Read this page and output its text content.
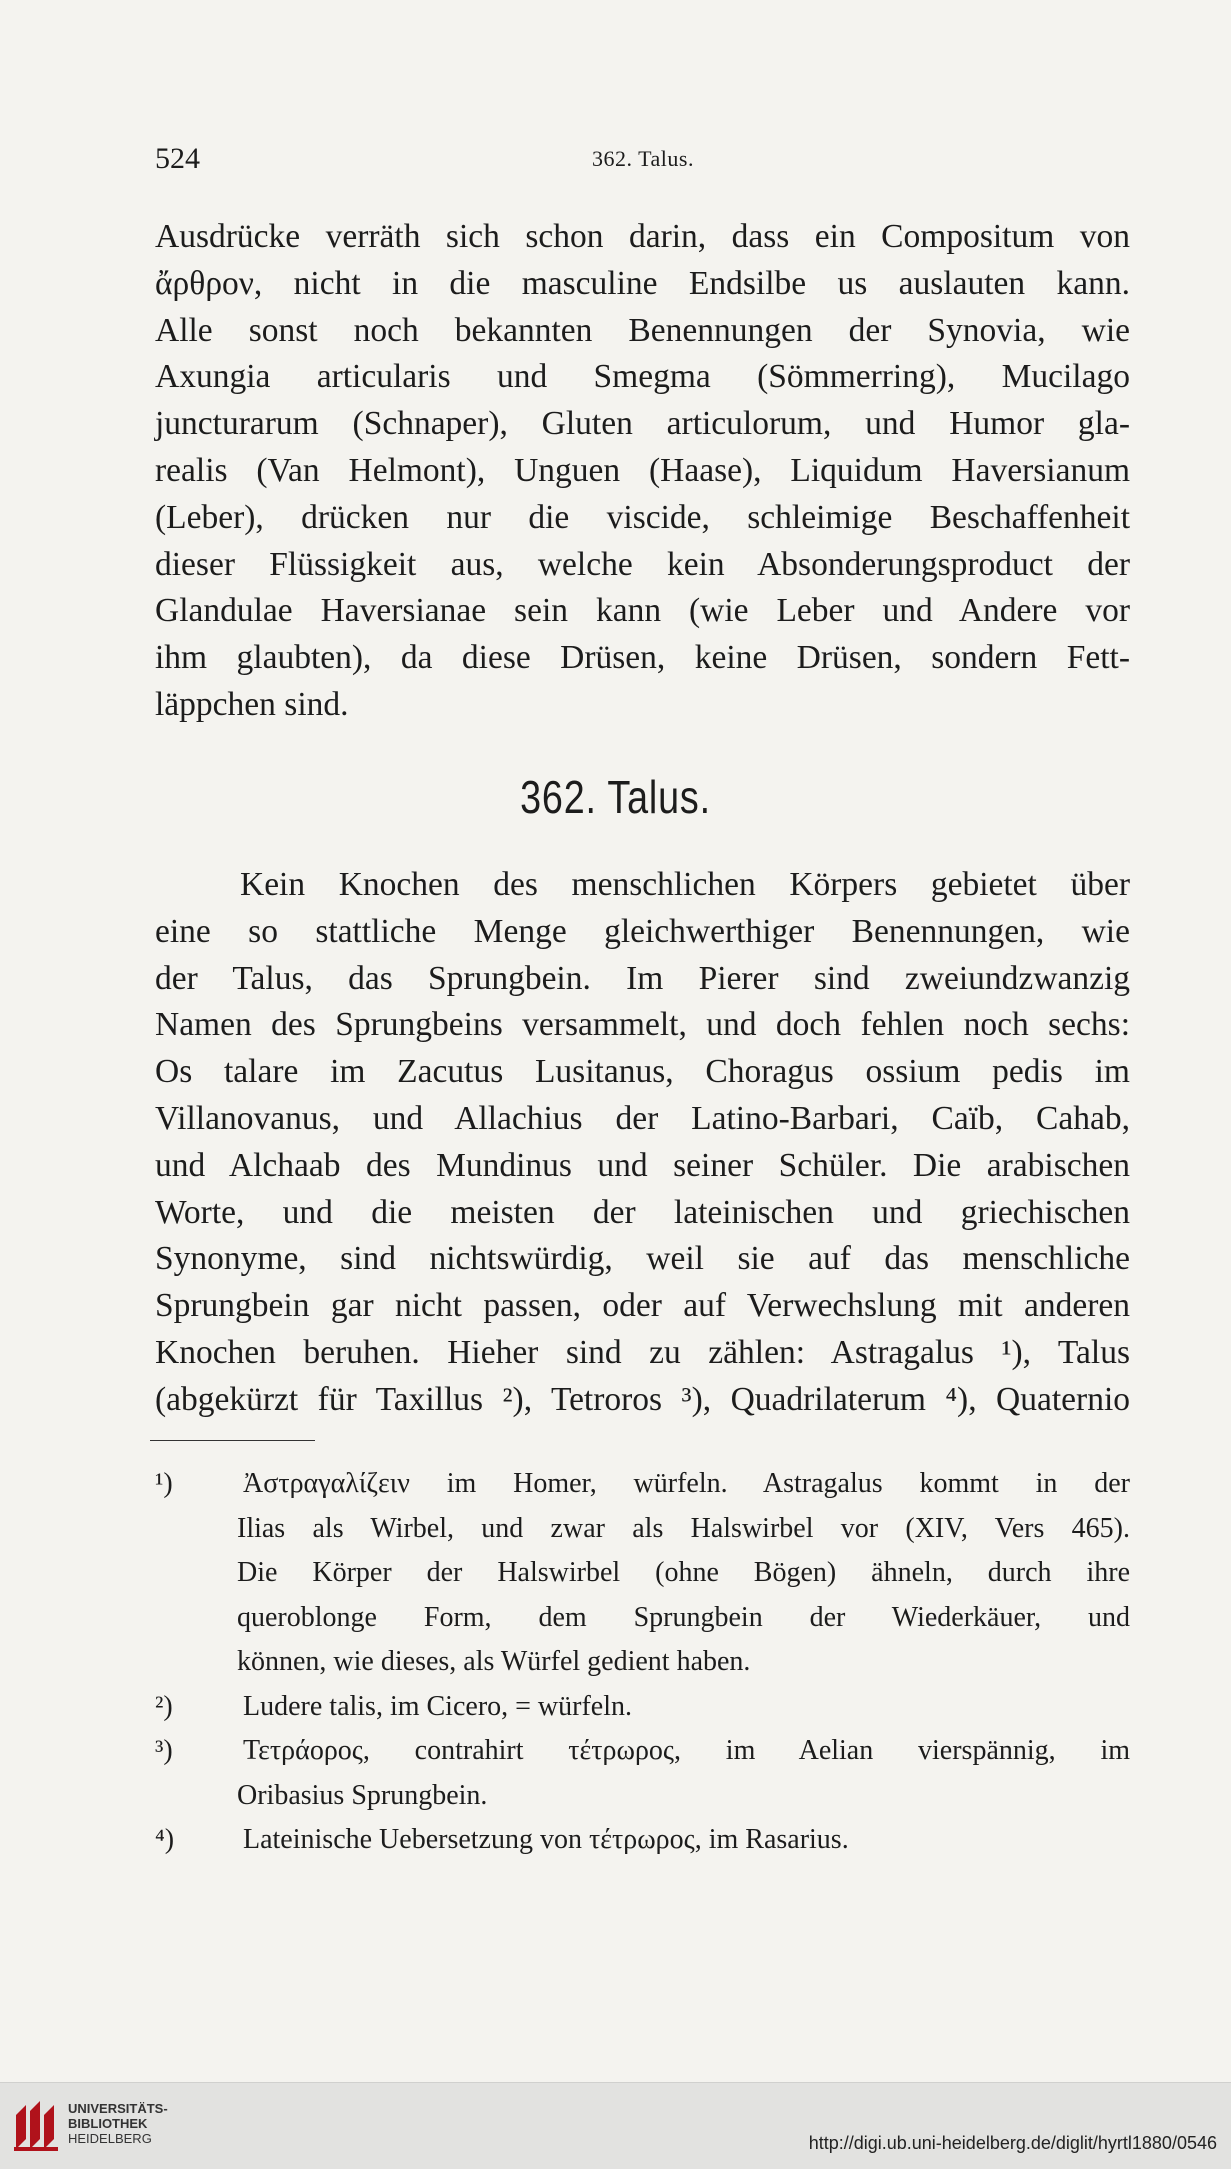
524	362. Talus.
Ausdrücke verräth sich schon darin, dass ein Compositum von
ἄρθρον, nicht in die masculine Endsilbe us auslauten kann.
Alle sonst noch bekannten Benennungen der Synovia, wie
Axungia articularis und Smegma (Sömmerring), Mucilago
juncturarum (Schnaper), Gluten articulorum, und Humor gla-
realis (Van Helmont), Unguen (Haase), Liquidum Haversianum
(Leber), drücken nur die viscide, schleimige Beschaffenheit
dieser Flüssigkeit aus, welche kein Absonderungsproduct der
Glandulae Haversianae sein kann (wie Leber und Andere vor
ihm glaubten), da diese Drüsen, keine Drüsen, sondern Fett-
läppchen sind.
362. Talus.
Kein Knochen des menschlichen Körpers gebietet über
eine so stattliche Menge gleichwerthiger Benennungen, wie
der Talus, das Sprungbein. Im Pierer sind zweiundzwanzig
Namen des Sprungbeins versammelt, und doch fehlen noch sechs:
Os talare im Zacutus Lusitanus, Choragus ossium pedis im
Villanovanus, und Allachius der Latino-Barbari, Caïb, Cahab,
und Alchaab des Mundinus und seiner Schüler. Die arabischen
Worte, und die meisten der lateinischen und griechischen
Synonyme, sind nichtswürdig, weil sie auf das menschliche
Sprungbein gar nicht passen, oder auf Verwechslung mit anderen
Knochen beruhen. Hieher sind zu zählen: Astragalus ¹), Talus
(abgekürzt für Taxillus ²), Tetroros ³), Quadrilaterum ⁴), Quaternio
¹)	Ἀστραγαλίζειν im Homer, würfeln. Astragalus kommt in der
Ilias als Wirbel, und zwar als Halswirbel vor (XIV, Vers 465).
Die Körper der Halswirbel (ohne Bögen) ähneln, durch ihre
queroblonge Form, dem Sprungbein der Wiederkäuer, und
können, wie dieses, als Würfel gedient haben.
²)	Ludere talis, im Cicero, = würfeln.
³)	Τετράορος, contrahirt τέτρωρος, im Aelian vierspännig, im
Oribasius Sprungbein.
⁴) Lateinische Uebersetzung von τέτρωρος, im Rasarius.
UNIVERSITÄTS-
BIBLIOTHEK
HEIDELBERG	http://digi.ub.uni-heidelberg.de/diglit/hyrtl1880/0546
